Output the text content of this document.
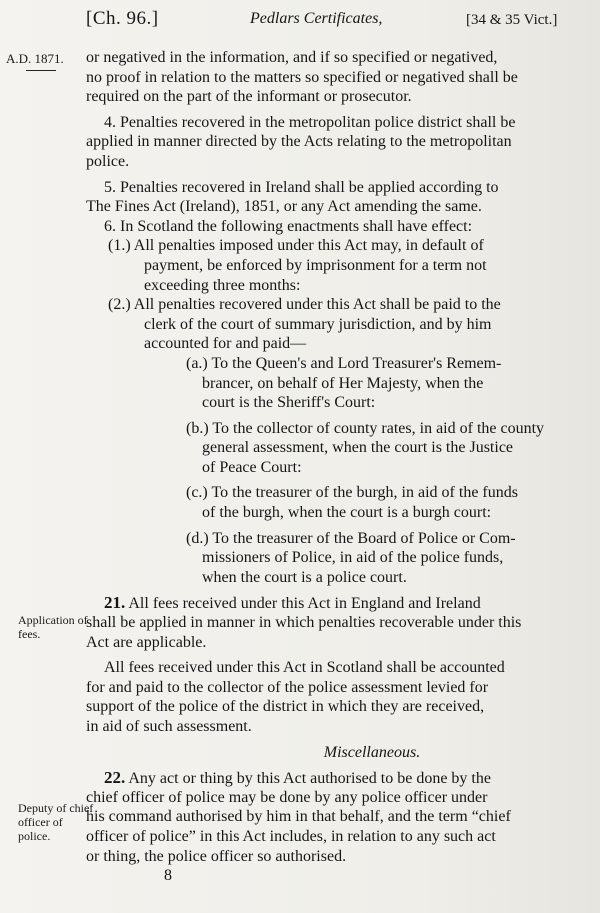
[Ch. 96.]	Pedlars Certificates,	[34 & 35 Vict.]
A.D. 1871.
Application of fees.
Deputy of chief officer of police.
or negatived in the information, and if so specified or negatived,
no proof in relation to the matters so specified or negatived shall be
required on the part of the informant or prosecutor.
4. Penalties recovered in the metropolitan police district shall be
applied in manner directed by the Acts relating to the metropolitan
police.
5. Penalties recovered in Ireland shall be applied according to
The Fines Act (Ireland), 1851, or any Act amending the same.
6. In Scotland the following enactments shall have effect:
(1.) All penalties imposed under this Act may, in default of
payment, be enforced by imprisonment for a term not
exceeding three months:
(2.) All penalties recovered under this Act shall be paid to the
clerk of the court of summary jurisdiction, and by him
accounted for and paid—
(a.) To the Queen's and Lord Treasurer's Remem-
brancer, on behalf of Her Majesty, when the
court is the Sheriff's Court:
(b.) To the collector of county rates, in aid of the county
general assessment, when the court is the Justice
of Peace Court:
(c.) To the treasurer of the burgh, in aid of the funds
of the burgh, when the court is a burgh court:
(d.) To the treasurer of the Board of Police or Com-
missioners of Police, in aid of the police funds,
when the court is a police court.
21. All fees received under this Act in England and Ireland
shall be applied in manner in which penalties recoverable under this
Act are applicable.
All fees received under this Act in Scotland shall be accounted
for and paid to the collector of the police assessment levied for
support of the police of the district in which they are received,
in aid of such assessment.
Miscellaneous.
22. Any act or thing by this Act authorised to be done by the
chief officer of police may be done by any police officer under
his command authorised by him in that behalf, and the term “chief
officer of police” in this Act includes, in relation to any such act
or thing, the police officer so authorised.
8
